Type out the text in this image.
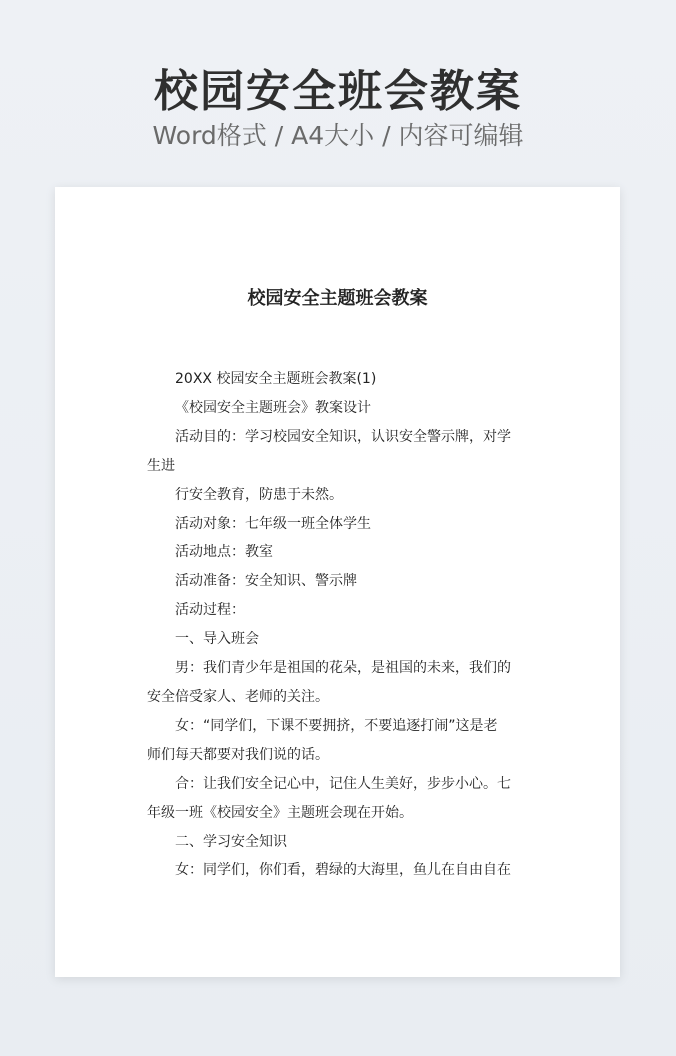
校园安全班会教案
Word格式 / A4大小 / 内容可编辑
校园安全主题班会教案

20XX 校园安全主题班会教案(1)

《校园安全主题班会》教案设计

活动目的：学习校园安全知识，认识安全警示牌，对学

生进

行安全教育，防患于未然。

活动对象：七年级一班全体学生

活动地点：教室

活动准备：安全知识、警示牌

活动过程：

一、导入班会

男：我们青少年是祖国的花朵，是祖国的未来，我们的

安全倍受家人、老师的关注。

女：“同学们，下课不要拥挤，不要追逐打闹”这是老

师们每天都要对我们说的话。

合：让我们安全记心中，记住人生美好，步步小心。七

年级一班《校园安全》主题班会现在开始。

二、学习安全知识

女：同学们，你们看，碧绿的大海里，鱼儿在自由自在
